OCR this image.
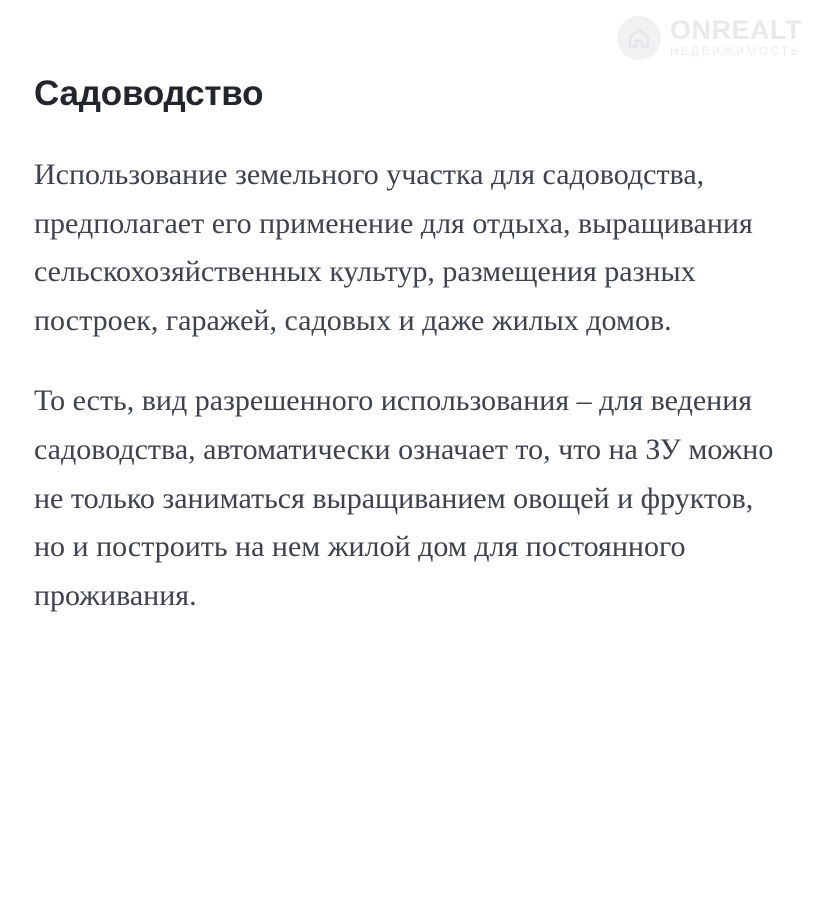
ONREALT
НЕДВИЖИМОСТЬ
Садоводство

Использование земельного участка для садоводства, предполагает его применение для отдыха, выращивания сельскохозяйственных культур, размещения разных построек, гаражей, садовых и даже жилых домов.

То есть, вид разрешенного использования – для ведения садоводства, автоматически означает то, что на ЗУ можно не только заниматься выращиванием овощей и фруктов, но и построить на нем жилой дом для постоянного проживания.
